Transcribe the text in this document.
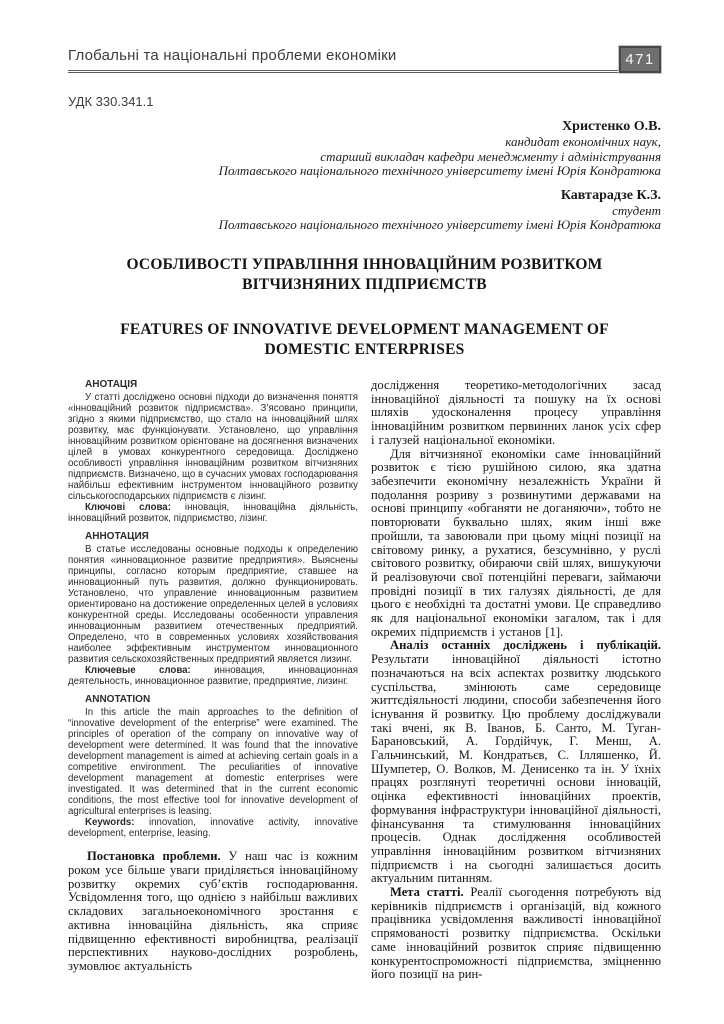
Глобальні та національні проблеми економіки	471
УДК 330.341.1
Христенко О.В.
кандидат економічних наук,
старший викладач кафедри менеджменту і адміністрування
Полтавського національного технічного університету імені Юрія Кондратюка
Кавтарадзе К.З.
студент
Полтавського національного технічного університету імені Юрія Кондратюка
ОСОБЛИВОСТІ УПРАВЛІННЯ ІННОВАЦІЙНИМ РОЗВИТКОМ ВІТЧИЗНЯНИХ ПІДПРИЄМСТВ
FEATURES OF INNOVATIVE DEVELOPMENT MANAGEMENT OF DOMESTIC ENTERPRISES
АНОТАЦІЯ

У статті досліджено основні підходи до визначення поняття «інноваційний розвиток підприємства». З’ясовано принципи, згідно з якими підприємство, що стало на інноваційний шлях розвитку, має функціонувати. Установлено, що управління інноваційним розвитком орієнтоване на досягнення визначених цілей в умовах конкурентного середовища. Досліджено особливості управління інноваційним розвитком вітчизняних підприємств. Визначено, що в сучасних умовах господарювання найбільш ефективним інструментом інноваційного розвитку сільськогосподарських підприємств є лізинг.

Ключові слова: інновація, інноваційна діяльність, інноваційний розвиток, підприємство, лізинг.

АННОТАЦИЯ

В статье исследованы основные подходы к определению понятия «инновационное развитие предприятия». Выяснены принципы, согласно которым предприятие, ставшее на инновационный путь развития, должно функционировать. Установлено, что управление инновационным развитием ориентировано на достижение определенных целей в условиях конкурентной среды. Исследованы особенности управления инновационным развитием отечественных предприятий. Определено, что в современных условиях хозяйствования наиболее эффективным инструментом инновационного развития сельскохозяйственных предприятий является лизинг.

Ключевые слова: инновация, инновационная деятельность, инновационное развитие, предприятие, лизинг.

ANNOTATION

In this article the main approaches to the definition of “innovative development of the enterprise” were examined. The principles of operation of the company on innovative way of development were determined. It was found that the innovative development management is aimed at achieving certain goals in a competitive environment. The peculiarities of innovative development management at domestic enterprises were investigated. It was determined that in the current economic conditions, the most effective tool for innovative development of agricultural enterprises is leasing.

Keywords: innovation, innovative activity, innovative development, enterprise, leasing.

Постановка проблеми. У наш час із кожним роком усе більше уваги приділяється інноваційному розвитку окремих суб’єктів господарювання. Усвідомлення того, що однією з найбільш важливих складових загальноекономічного зростання є активна інноваційна діяльність, яка сприяє підвищенню ефективності виробництва, реалізації перспективних науково-дослідних розроблень, зумовлює актуальність

дослідження теоретико-методологічних засад інноваційної діяльності та пошуку на їх основі шляхів удосконалення процесу управління інноваційним розвитком первинних ланок усіх сфер і галузей національної економіки.

Для вітчизняної економіки саме інноваційний розвиток є тією рушійною силою, яка здатна забезпечити економічну незалежність України й подолання розриву з розвинутими державами на основі принципу «обганяти не доганяючи», тобто не повторювати буквально шлях, яким інші вже пройшли, та завоювали при цьому міцні позиції на світовому ринку, а рухатися, безсумнівно, у руслі світового розвитку, обираючи свій шлях, вишукуючи й реалізовуючи свої потенційні переваги, займаючи провідні позиції в тих галузях діяльності, де для цього є необхідні та достатні умови. Це справедливо як для національної економіки загалом, так і для окремих підприємств і установ [1].

Аналіз останніх досліджень і публікацій. Результати інноваційної діяльності істотно позначаються на всіх аспектах розвитку людського суспільства, змінюють саме середовище життєдіяльності людини, способи забезпечення його існування й розвитку. Цю проблему досліджували такі вчені, як В. Іванов, Б. Санто, М. Туган-Барановський, А. Гордійчук, Г. Менш, А. Гальчинський, М. Кондратьєв, С. Ілляшенко, Й. Шумпетер, О. Волков, М. Денисенко та ін. У їхніх працях розглянуті теоретичні основи інновацій, оцінка ефективності інноваційних проектів, формування інфраструктури інноваційної діяльності, фінансування та стимулювання інноваційних процесів. Однак дослідження особливостей управління інноваційним розвитком вітчизняних підприємств і на сьогодні залишається досить актуальним питанням.

Мета статті. Реалії сьогодення потребують від керівників підприємств і організацій, від кожного працівника усвідомлення важливості інноваційної спрямованості розвитку підприємства. Оскільки саме інноваційний розвиток сприяє підвищенню конкурентоспроможності підприємства, зміцненню його позиції на рин-
